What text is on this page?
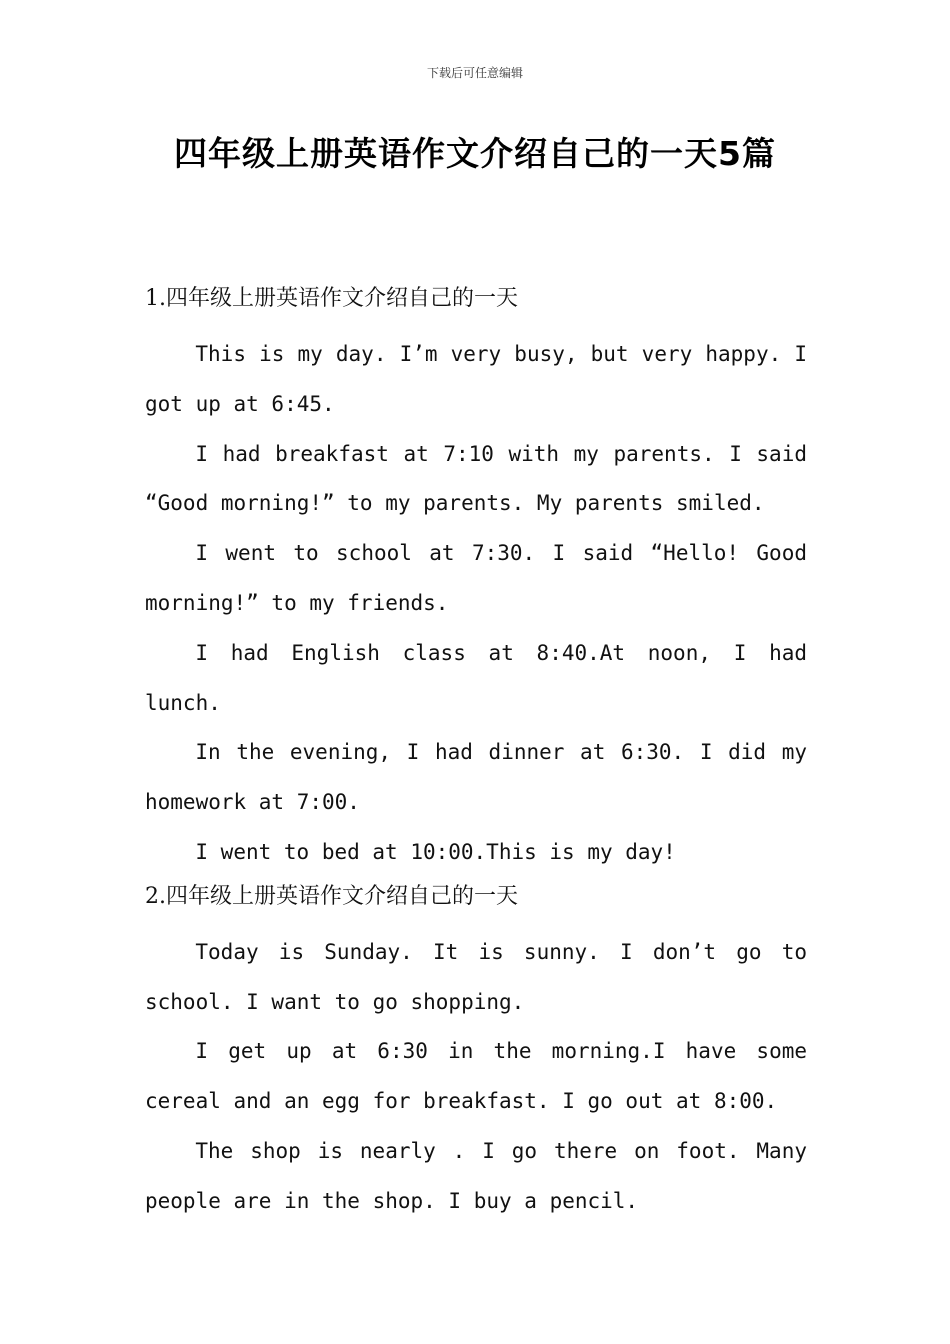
下载后可任意编辑
四年级上册英语作文介绍自己的一天5篇
1.四年级上册英语作文介绍自己的一天

This is my day. I’m very busy, but very happy. I got up at 6:45.

I had breakfast at 7:10 with my parents. I said “Good morning!” to my parents. My parents smiled.

I went to school at 7:30. I said “Hello! Good morning!” to my friends.

I had English class at 8:40.At noon, I had lunch.

In the evening, I had dinner at 6:30. I did my homework at 7:00.

I went to bed at 10:00.This is my day!

2.四年级上册英语作文介绍自己的一天

Today is Sunday. It is sunny. I don’t go to school. I want to go shopping.

I get up at 6:30 in the morning.I have some cereal and an egg for breakfast. I go out at 8:00.

The shop is nearly . I go there on foot. Many people are in the shop. I buy a pencil.
